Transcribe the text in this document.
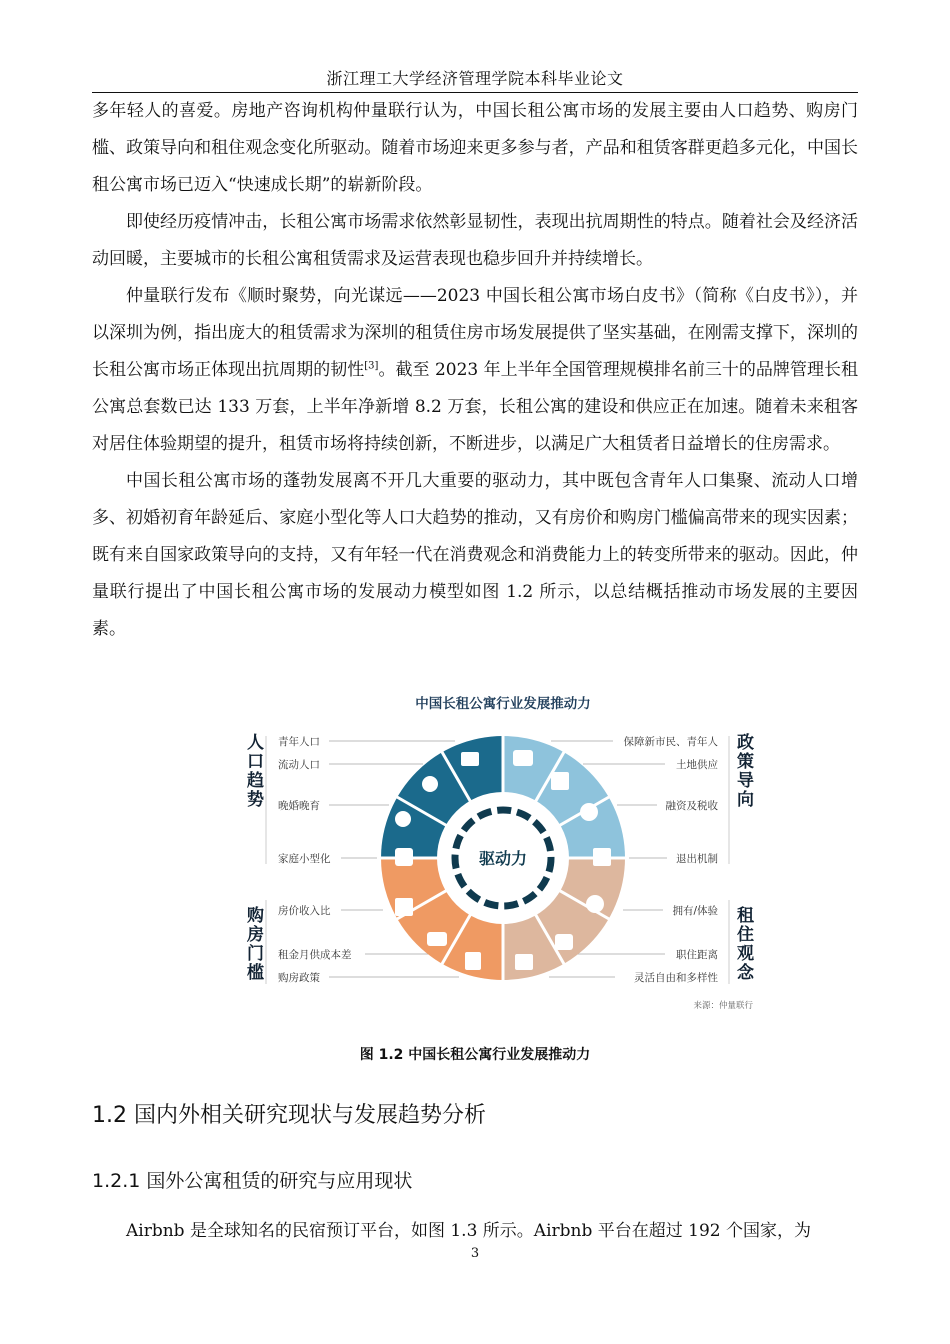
浙江理工大学经济管理学院本科毕业论文

多年轻人的喜爱。房地产咨询机构仲量联行认为，中国长租公寓市场的发展主要由人口趋势、购房门槛、政策导向和租住观念变化所驱动。随着市场迎来更多参与者，产品和租赁客群更趋多元化，中国长租公寓市场已迈入“快速成长期”的崭新阶段。

即使经历疫情冲击，长租公寓市场需求依然彰显韧性，表现出抗周期性的特点。随着社会及经济活动回暖，主要城市的长租公寓租赁需求及运营表现也稳步回升并持续增长。

仲量联行发布《顺时聚势，向光谋远——2023 中国长租公寓市场白皮书》（简称《白皮书》），并以深圳为例，指出庞大的租赁需求为深圳的租赁住房市场发展提供了坚实基础，在刚需支撑下，深圳的长租公寓市场正体现出抗周期的韧性[3]。截至 2023 年上半年全国管理规模排名前三十的品牌管理长租公寓总套数已达 133 万套，上半年净新增 8.2 万套，长租公寓的建设和供应正在加速。随着未来租客对居住体验期望的提升，租赁市场将持续创新，不断进步，以满足广大租赁者日益增长的住房需求。

中国长租公寓市场的蓬勃发展离不开几大重要的驱动力，其中既包含青年人口集聚、流动人口增多、初婚初育年龄延后、家庭小型化等人口大趋势的推动，又有房价和购房门槛偏高带来的现实因素；既有来自国家政策导向的支持，又有年轻一代在消费观念和消费能力上的转变所带来的驱动。因此，仲量联行提出了中国长租公寓市场的发展动力模型如图 1.2 所示，以总结概括推动市场发展的主要因素。

中国长租公寓行业发展推动力
人 口 趋 势
青年人口
流动人口
晚婚晚育
家庭小型化
购 房 门 槛
房价收入比
租金月供成本差
购房政策
政 策 导 向
保障新市民、青年人
土地供应
融资及税收
退出机制
租 住 观 念
拥有/体验
职住距离
灵活自由和多样性
驱动力
来源：仲量联行
图 1.2 中国长租公寓行业发展推动力
1.2 国内外相关研究现状与发展趋势分析
1.2.1 国外公寓租赁的研究与应用现状

Airbnb 是全球知名的民宿预订平台，如图 1.3 所示。Airbnb 平台在超过 192 个国家，为

3
